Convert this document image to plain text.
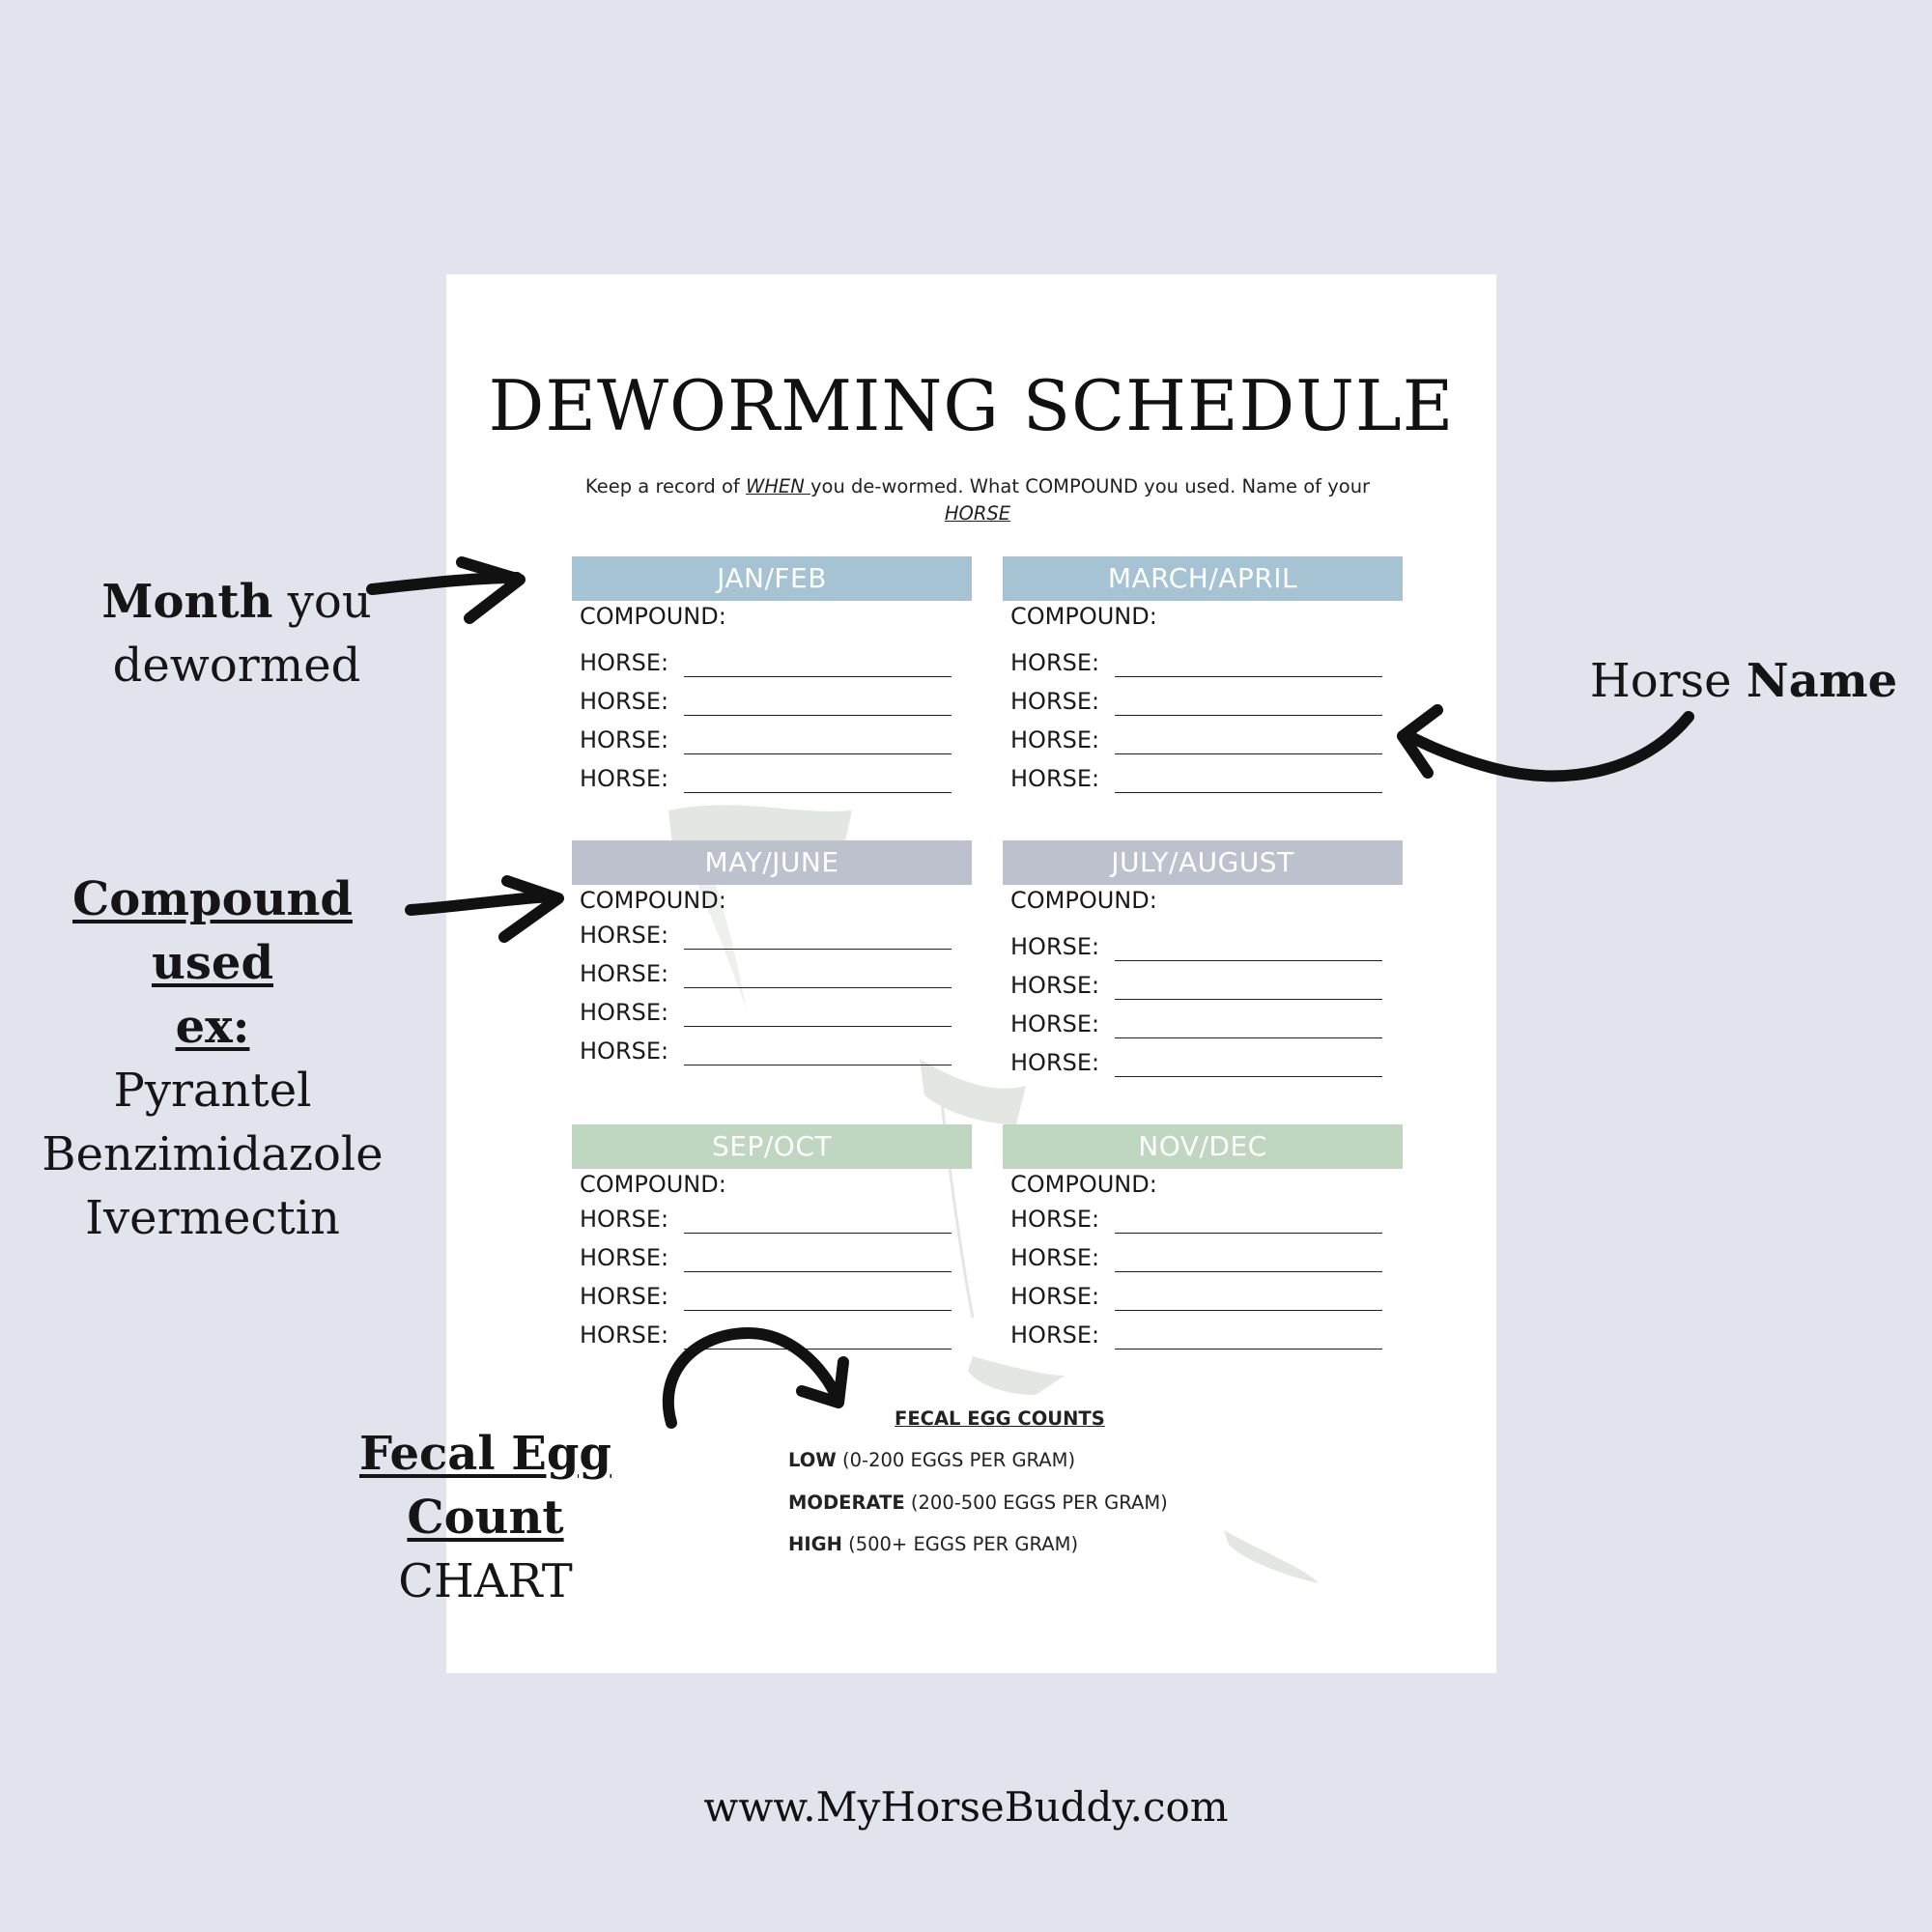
DEWORMING SCHEDULE
Keep a record of WHEN you de-wormed. What COMPOUND you used. Name of your
HORSE
JAN/FEB
COMPOUND:
HORSE:
HORSE:
HORSE:
HORSE:
MARCH/APRIL
COMPOUND:
HORSE:
HORSE:
HORSE:
HORSE:
MAY/JUNE
COMPOUND:
HORSE:
HORSE:
HORSE:
HORSE:
JULY/AUGUST
COMPOUND:
HORSE:
HORSE:
HORSE:
HORSE:
SEP/OCT
COMPOUND:
HORSE:
HORSE:
HORSE:
HORSE:
NOV/DEC
COMPOUND:
HORSE:
HORSE:
HORSE:
HORSE:
FECAL EGG COUNTS
LOW (0-200 EGGS PER GRAM)
MODERATE (200-500 EGGS PER GRAM)
HIGH (500+ EGGS PER GRAM)
Month you
dewormed	Horse Name
Compound used
ex:
Pyrantel
Benzimidazole
Ivermectin
Fecal Egg Count
CHART
www.MyHorseBuddy.com
